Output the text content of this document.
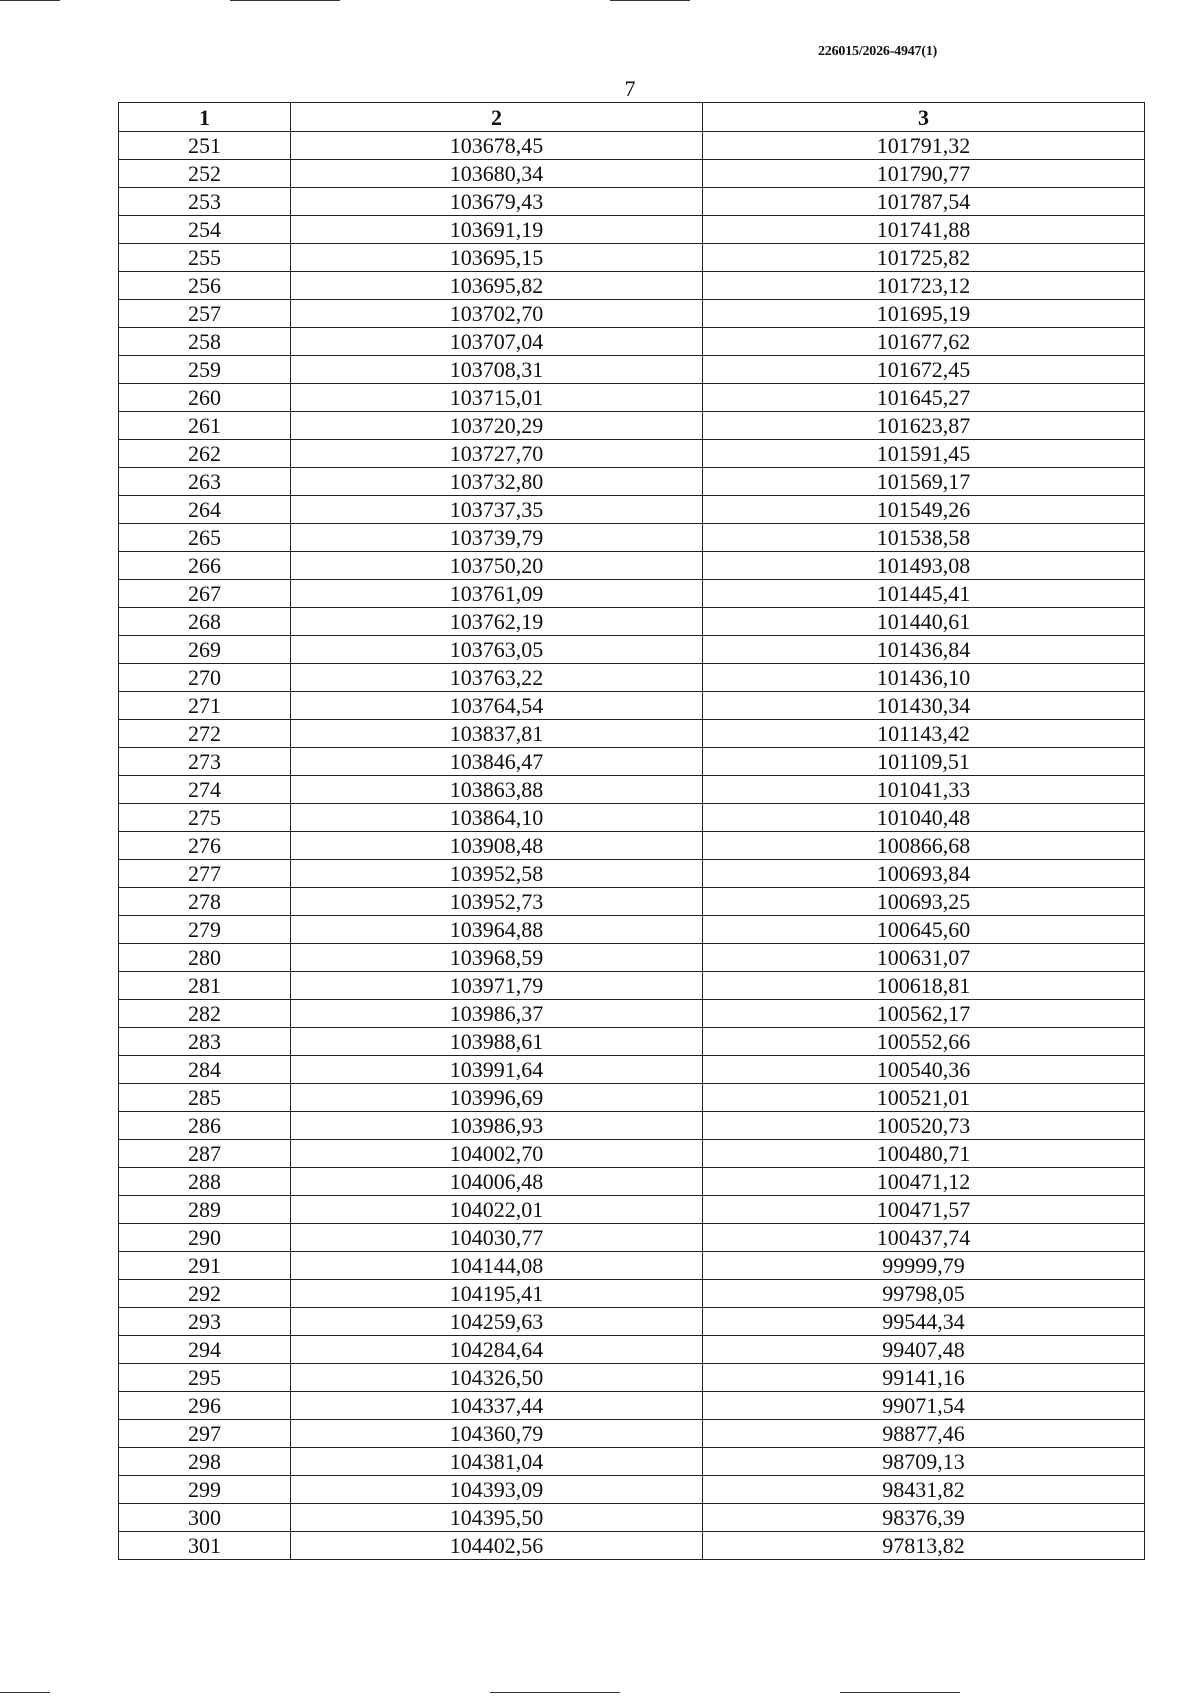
226015/2026-4947(1)
7
1	2	3
251	103678,45	101791,32
252	103680,34	101790,77
253	103679,43	101787,54
254	103691,19	101741,88
255	103695,15	101725,82
256	103695,82	101723,12
257	103702,70	101695,19
258	103707,04	101677,62
259	103708,31	101672,45
260	103715,01	101645,27
261	103720,29	101623,87
262	103727,70	101591,45
263	103732,80	101569,17
264	103737,35	101549,26
265	103739,79	101538,58
266	103750,20	101493,08
267	103761,09	101445,41
268	103762,19	101440,61
269	103763,05	101436,84
270	103763,22	101436,10
271	103764,54	101430,34
272	103837,81	101143,42
273	103846,47	101109,51
274	103863,88	101041,33
275	103864,10	101040,48
276	103908,48	100866,68
277	103952,58	100693,84
278	103952,73	100693,25
279	103964,88	100645,60
280	103968,59	100631,07
281	103971,79	100618,81
282	103986,37	100562,17
283	103988,61	100552,66
284	103991,64	100540,36
285	103996,69	100521,01
286	103986,93	100520,73
287	104002,70	100480,71
288	104006,48	100471,12
289	104022,01	100471,57
290	104030,77	100437,74
291	104144,08	99999,79
292	104195,41	99798,05
293	104259,63	99544,34
294	104284,64	99407,48
295	104326,50	99141,16
296	104337,44	99071,54
297	104360,79	98877,46
298	104381,04	98709,13
299	104393,09	98431,82
300	104395,50	98376,39
301	104402,56	97813,82
